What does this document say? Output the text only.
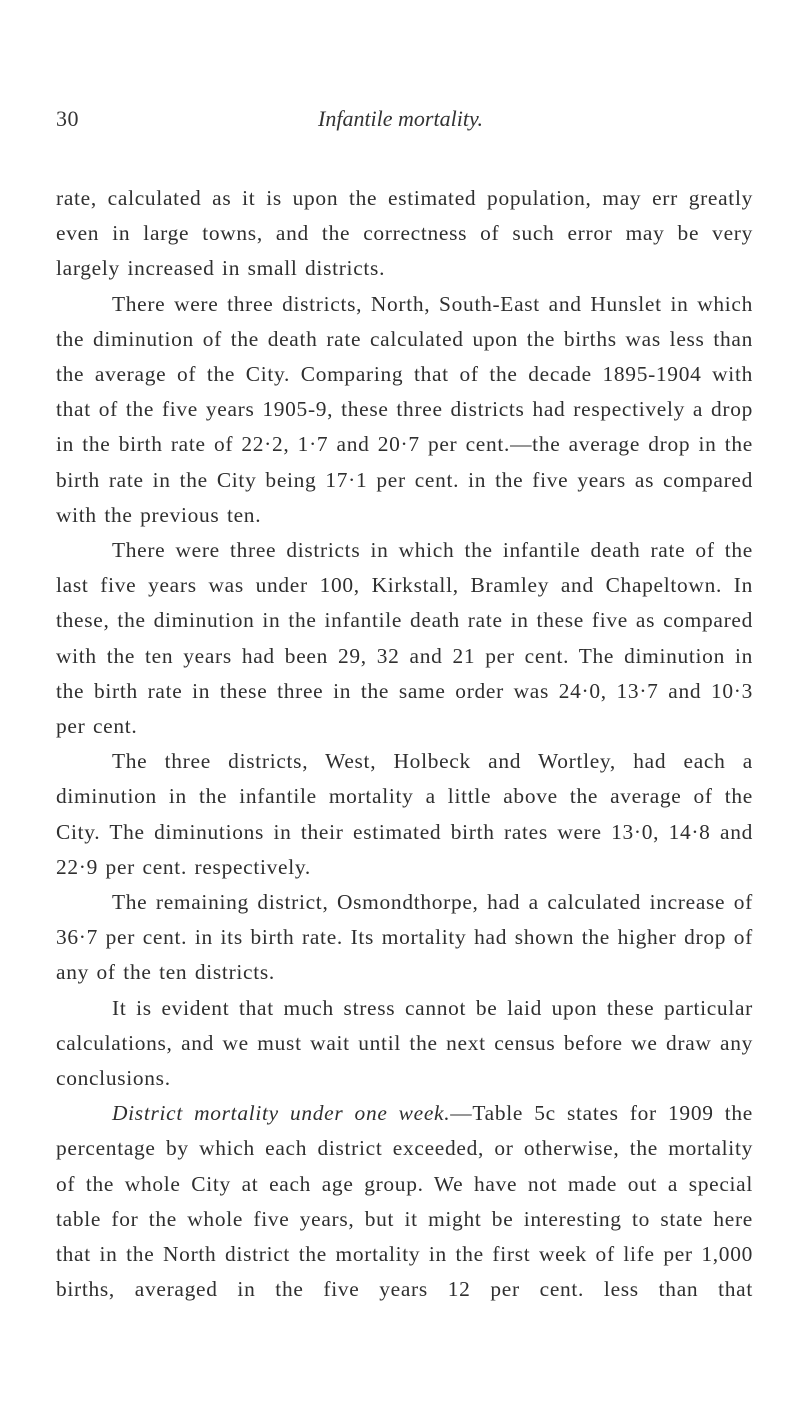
30	Infantile mortality.

rate, calculated as it is upon the estimated population, may err greatly even in large towns, and the correctness of such error may be very largely increased in small districts.

There were three districts, North, South-East and Hunslet in which the diminution of the death rate calculated upon the births was less than the average of the City. Comparing that of the decade 1895-1904 with that of the five years 1905-9, these three districts had respectively a drop in the birth rate of 22·2, 1·7 and 20·7 per cent.—the average drop in the birth rate in the City being 17·1 per cent. in the five years as compared with the previous ten.

There were three districts in which the infantile death rate of the last five years was under 100, Kirkstall, Bramley and Chapeltown. In these, the diminution in the infantile death rate in these five as compared with the ten years had been 29, 32 and 21 per cent. The diminution in the birth rate in these three in the same order was 24·0, 13·7 and 10·3 per cent.

The three districts, West, Holbeck and Wortley, had each a diminution in the infantile mortality a little above the average of the City. The diminutions in their estimated birth rates were 13·0, 14·8 and 22·9 per cent. respectively.

The remaining district, Osmondthorpe, had a calculated increase of 36·7 per cent. in its birth rate. Its mortality had shown the higher drop of any of the ten districts.

It is evident that much stress cannot be laid upon these particular calculations, and we must wait until the next census before we draw any conclusions.

District mortality under one week.—Table 5c states for 1909 the percentage by which each district exceeded, or otherwise, the mortality of the whole City at each age group. We have not made out a special table for the whole five years, but it might be interesting to state here that in the North district the mortality in the first week of life per 1,000 births, averaged in the five years 12 per cent. less than that
